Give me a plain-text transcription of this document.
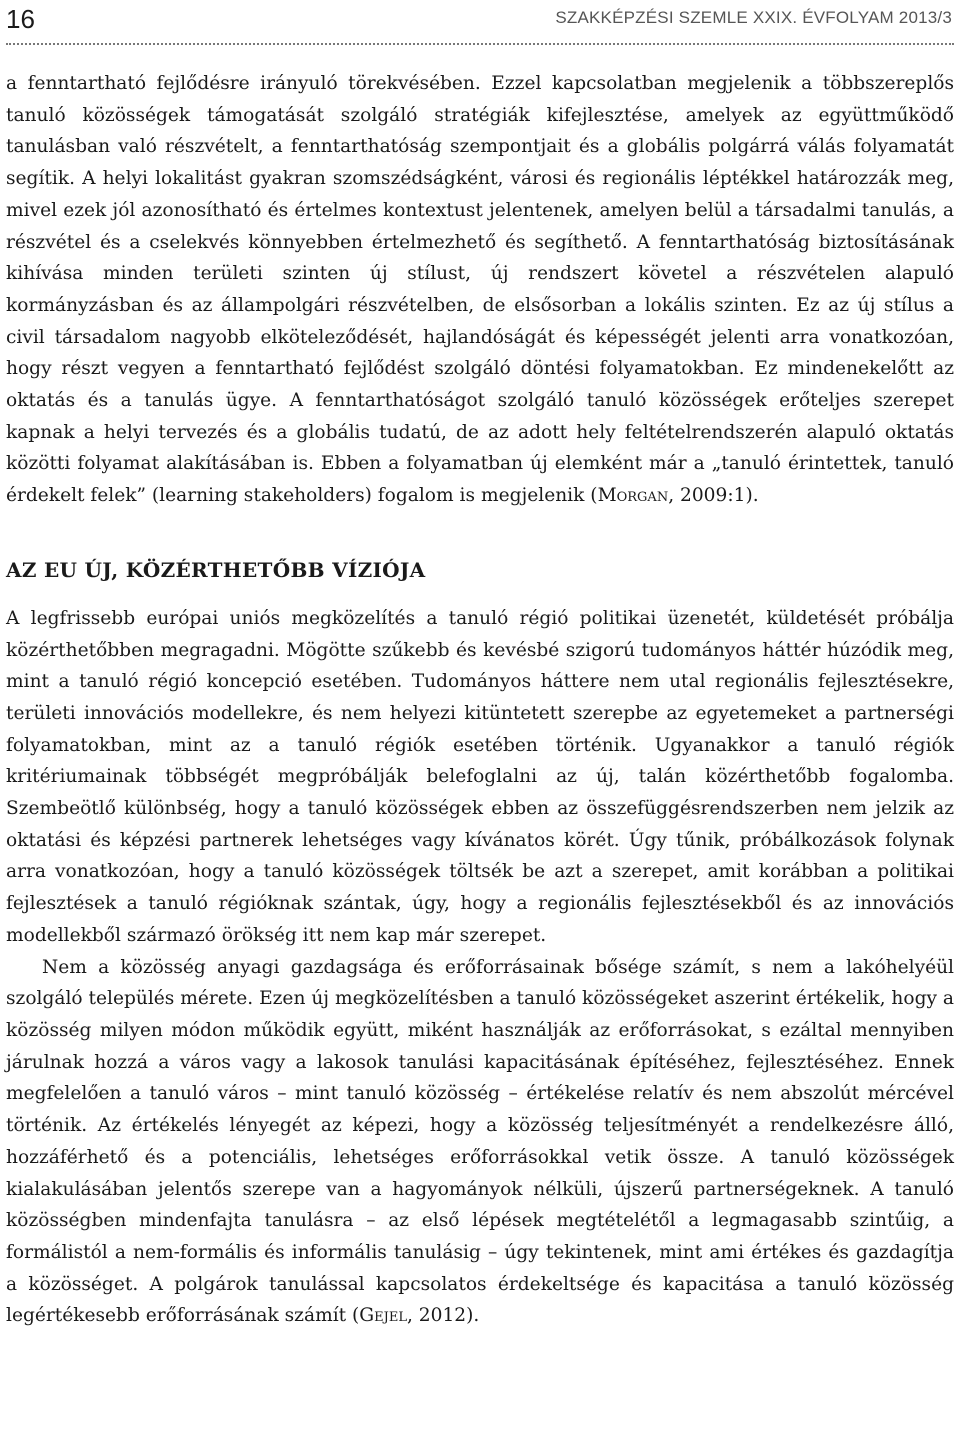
16	SZAKKÉPZÉSI SZEMLE XXIX. ÉVFOLYAM 2013/3

a fenntartható fejlődésre irányuló törekvésében. Ezzel kapcsolatban megjelenik a többszereplős tanuló közösségek támogatását szolgáló stratégiák kifejlesztése, amelyek az együttműködő tanulásban való részvételt, a fenntarthatóság szempontjait és a globális polgárrá válás folyamatát segítik. A helyi lokalitást gyakran szomszédságként, városi és regionális léptékkel határozzák meg, mivel ezek jól azonosítható és értelmes kontextust jelentenek, amelyen belül a társadalmi tanulás, a részvétel és a cselekvés könnyebben értelmezhető és segíthető. A fenntarthatóság biztosításának kihívása minden területi szinten új stílust, új rendszert követel a részvételen alapuló kormányzásban és az állampolgári részvételben, de elsősorban a lokális szinten. Ez az új stílus a civil társadalom nagyobb elköteleződését, hajlandóságát és képességét jelenti arra vonatkozóan, hogy részt vegyen a fenntartható fejlődést szolgáló döntési folyamatokban. Ez mindenekelőtt az oktatás és a tanulás ügye. A fenntarthatóságot szolgáló tanuló közösségek erőteljes szerepet kapnak a helyi tervezés és a globális tudatú, de az adott hely feltételrendszerén alapuló oktatás közötti folyamat alakításában is. Ebben a folyamatban új elemként már a „tanuló érintettek, tanuló érdekelt felek” (learning stakeholders) fogalom is megjelenik (Morgan, 2009:1).

AZ EU ÚJ, KÖZÉRTHETŐBB VÍZIÓJA

A legfrissebb európai uniós megközelítés a tanuló régió politikai üzenetét, küldetését próbálja közérthetőbben megragadni. Mögötte szűkebb és kevésbé szigorú tudományos háttér húzódik meg, mint a tanuló régió koncepció esetében. Tudományos háttere nem utal regionális fejlesztésekre, területi innovációs modellekre, és nem helyezi kitüntetett szerepbe az egyetemeket a partnerségi folyamatokban, mint az a tanuló régiók esetében történik. Ugyanakkor a tanuló régiók kritériumainak többségét megpróbálják belefoglalni az új, talán közérthetőbb fogalomba. Szembeötlő különbség, hogy a tanuló közösségek ebben az összefüggésrendszerben nem jelzik az oktatási és képzési partnerek lehetséges vagy kívánatos körét. Úgy tűnik, próbálkozások folynak arra vonatkozóan, hogy a tanuló közösségek töltsék be azt a szerepet, amit korábban a politikai fejlesztések a tanuló régióknak szántak, úgy, hogy a regionális fejlesztésekből és az innovációs modellekből származó örökség itt nem kap már szerepet.

Nem a közösség anyagi gazdagsága és erőforrásainak bősége számít, s nem a lakóhelyéül szolgáló település mérete. Ezen új megközelítésben a tanuló közösségeket aszerint értékelik, hogy a közösség milyen módon működik együtt, miként használják az erőforrásokat, s ezáltal mennyiben járulnak hozzá a város vagy a lakosok tanulási kapacitásának építéséhez, fejlesztéséhez. Ennek megfelelően a tanuló város – mint tanuló közösség – értékelése relatív és nem abszolút mércével történik. Az értékelés lényegét az képezi, hogy a közösség teljesítményét a rendelkezésre álló, hozzáférhető és a potenciális, lehetséges erőforrásokkal vetik össze. A tanuló közösségek kialakulásában jelentős szerepe van a hagyományok nélküli, újszerű partnerségeknek. A tanuló közösségben mindenfajta tanulásra – az első lépések megtételétől a legmagasabb szintűig, a formálistól a nem-formális és informális tanulásig – úgy tekintenek, mint ami értékes és gazdagítja a közösséget. A polgárok tanulással kapcsolatos érdekeltsége és kapacitása a tanuló közösség legértékesebb erőforrásának számít (Gejel, 2012).
